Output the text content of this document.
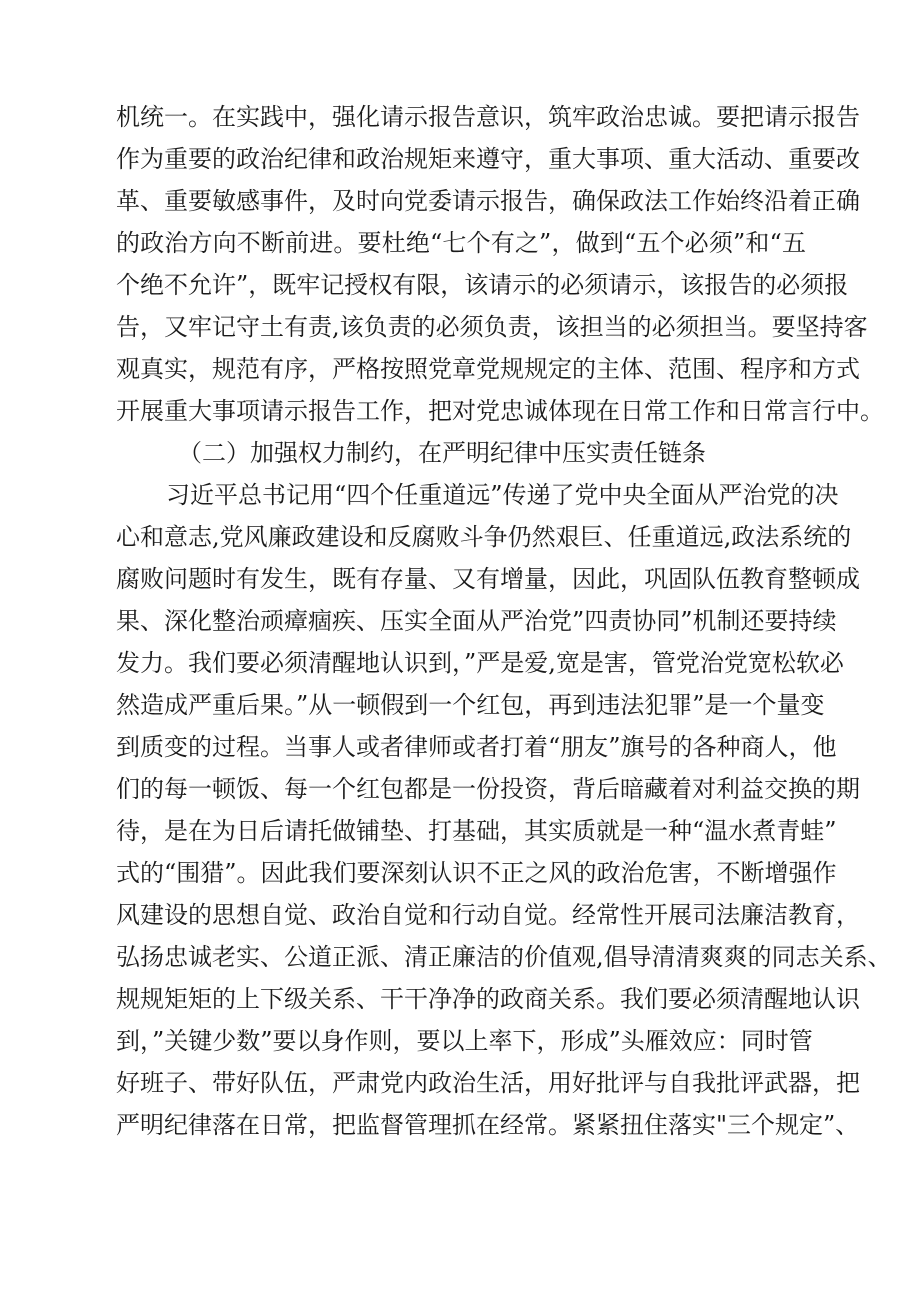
机统一。在实践中，强化请示报告意识，筑牢政治忠诚。要把请示报告
作为重要的政治纪律和政治规矩来遵守，重大事项、重大活动、重要改
革、重要敏感事件，及时向党委请示报告，确保政法工作始终沿着正确
的政治方向不断前进。要杜绝“七个有之”，做到“五个必须”和“五
个绝不允许”，既牢记授权有限，该请示的必须请示，该报告的必须报
告，又牢记守土有责,该负责的必须负责，该担当的必须担当。要坚持客
观真实，规范有序，严格按照党章党规规定的主体、范围、程序和方式
开展重大事项请示报告工作，把对党忠诚体现在日常工作和日常言行中。
（二）加强权力制约，在严明纪律中压实责任链条
习近平总书记用“四个任重道远”传递了党中央全面从严治党的决
心和意志,党风廉政建设和反腐败斗争仍然艰巨、任重道远,政法系统的
腐败问题时有发生，既有存量、又有增量，因此，巩固队伍教育整顿成
果、深化整治顽瘴痼疾、压实全面从严治党”四责协同”机制还要持续
发力。我们要必须清醒地认识到，”严是爱,宽是害，管党治党宽松软必
然造成严重后果。”从一顿假到一个红包，再到违法犯罪”是一个量变
到质变的过程。当事人或者律师或者打着“朋友”旗号的各种商人，他
们的每一顿饭、每一个红包都是一份投资，背后暗藏着对利益交换的期
待，是在为日后请托做铺垫、打基础，其实质就是一种“温水煮青蛙”
式的“围猎”。因此我们要深刻认识不正之风的政治危害，不断增强作
风建设的思想自觉、政治自觉和行动自觉。经常性开展司法廉洁教育，
弘扬忠诚老实、公道正派、清正廉洁的价值观,倡导清清爽爽的同志关系、
规规矩矩的上下级关系、干干净净的政商关系。我们要必须清醒地认识
到，”关键少数”要以身作则，要以上率下，形成”头雁效应：同时管
好班子、带好队伍，严肃党内政治生活，用好批评与自我批评武器，把
严明纪律落在日常，把监督管理抓在经常。紧紧扭住落实"三个规定”、
